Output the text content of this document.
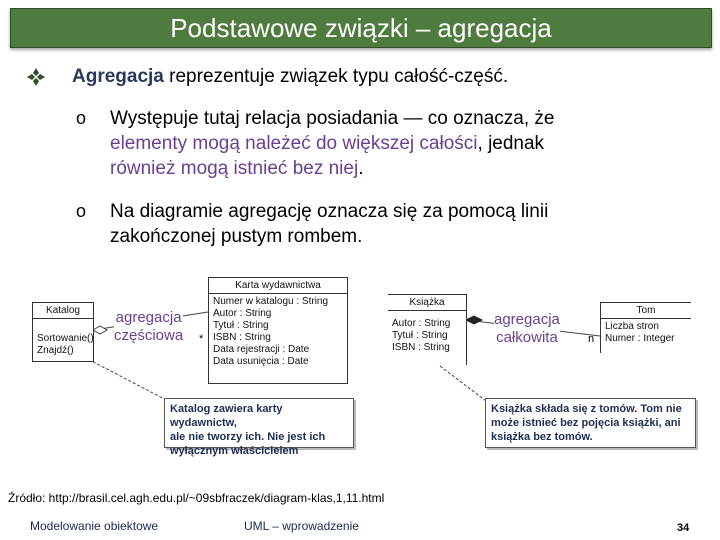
Podstawowe związki – agregacja
Agregacja reprezentuje związek typu całość-część.
o Występuje tutaj relacja posiadania — co oznacza, że
elementy mogą należeć do większej całości, jednak
również mogą istnieć bez niej.
o Na diagramie agregację oznacza się za pomocą linii
zakończonej pustym rombem.
Katalog
Sortowanie()
Znajdź()
Karta wydawnictwa
Numer w katalogu : String
Autor : String
Tytuł : String
ISBN : String
Data rejestracji : Date
Data usunięcia : Date
agregacja
częściowa *
Katalog zawiera karty wydawnictw,
ale nie tworzy ich. Nie jest ich
wyłącznym właścicielem
Książka
Autor : String
Tytuł : String
ISBN : String
agregacja
całkowita	n
Tom
Liczba stron
Numer : Integer
Książka składa się z tomów. Tom nie
może istnieć bez pojęcia książki, ani
książka bez tomów.
Źródło: http://brasil.cel.agh.edu.pl/~09sbfraczek/diagram-klas,1,11.html
Modelowanie obiektowe	UML – wprowadzenie	34
